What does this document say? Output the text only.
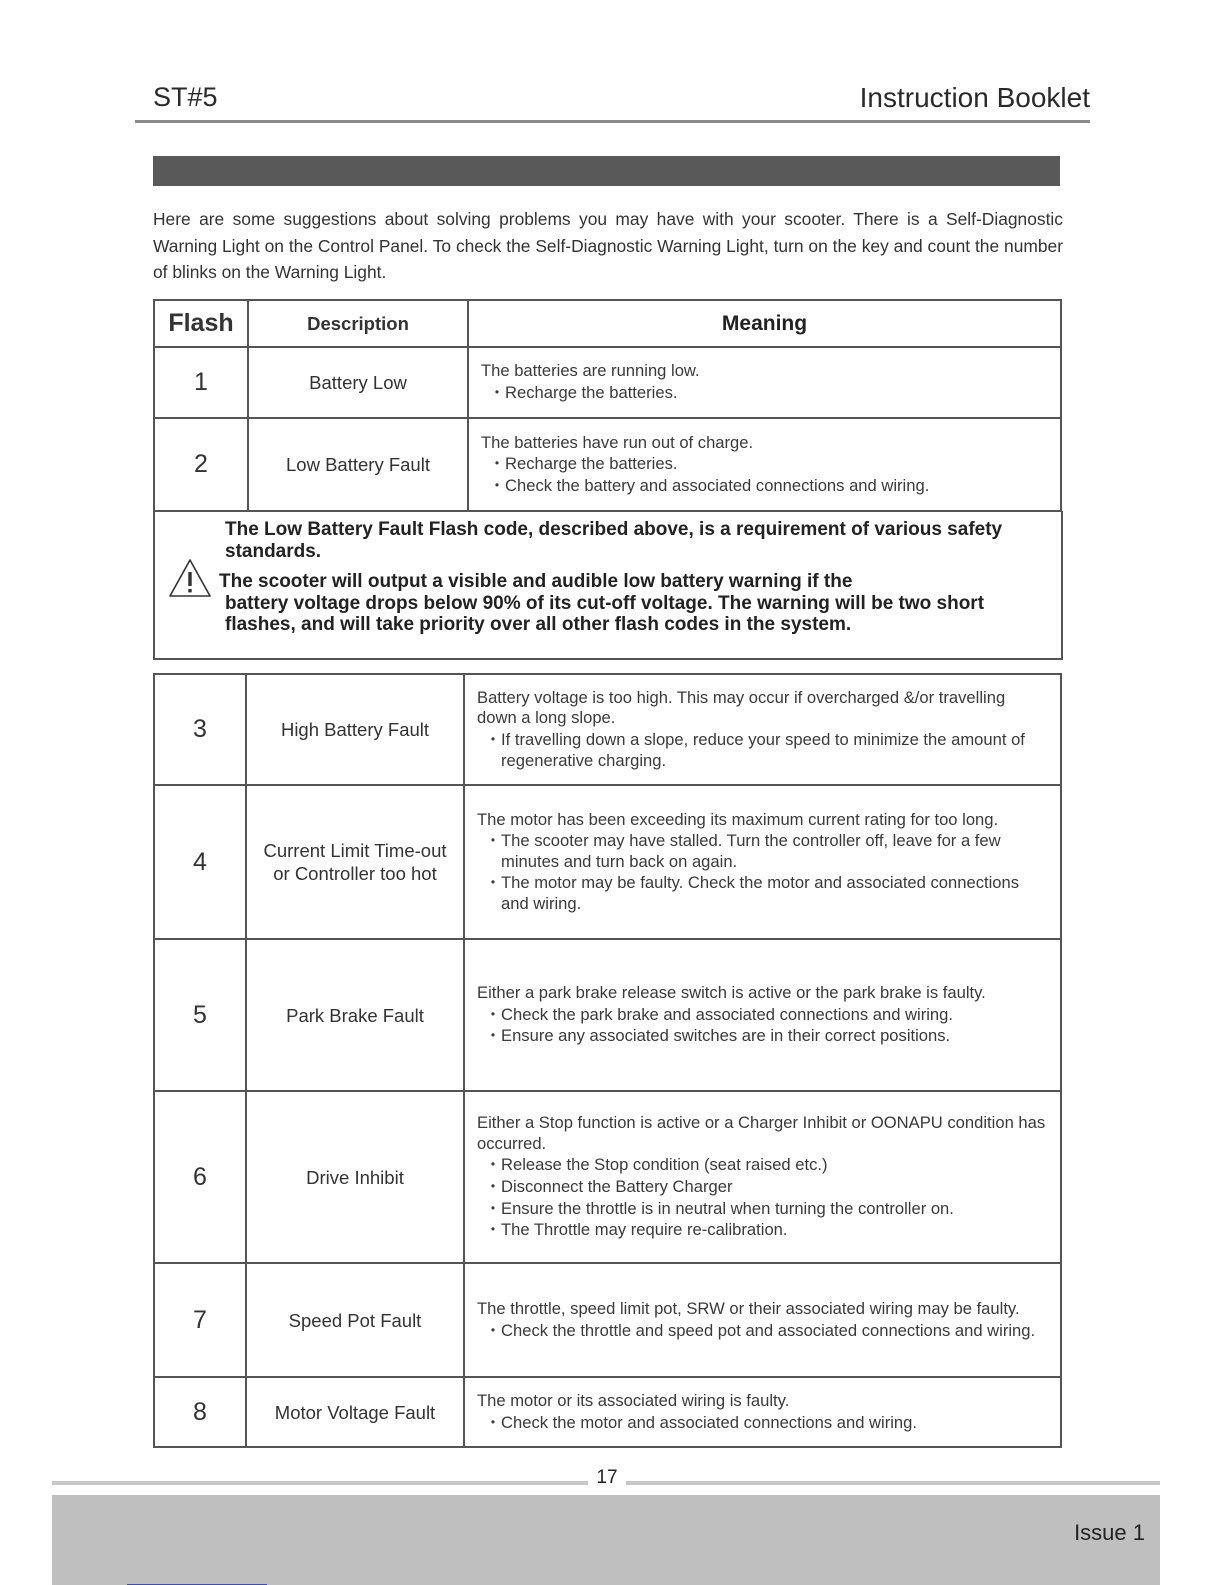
ST#5	Instruction Booklet
Here are some suggestions about solving problems you may have with your scooter. There is a Self-Diagnostic Warning Light on the Control Panel. To check the Self-Diagnostic Warning Light, turn on the key and count the number of blinks on the Warning Light.
Flash	Description	Meaning
1	Battery Low	The batteries are running low.
• Recharge the batteries.

2	Low Battery Fault	The batteries have run out of charge.
• Recharge the batteries.
• Check the battery and associated connections and wiring.

The Low Battery Fault Flash code, described above, is a requirement of various safety standards.

The scooter will output a visible and audible low battery warning if the
battery voltage drops below 90% of its cut-off voltage. The warning will be two short flashes, and will take priority over all other flash codes in the system.

3	High Battery Fault	Battery voltage is too high. This may occur if overcharged &/or travelling down a long slope.
• If travelling down a slope, reduce your speed to minimize the amount of regenerative charging.

4	Current Limit Time-out or Controller too hot	The motor has been exceeding its maximum current rating for too long.
• The scooter may have stalled. Turn the controller off, leave for a few minutes and turn back on again.
• The motor may be faulty. Check the motor and associated connections and wiring.

5	Park Brake Fault	Either a park brake release switch is active or the park brake is faulty.
• Check the park brake and associated connections and wiring.
• Ensure any associated switches are in their correct positions.

6	Drive Inhibit	Either a Stop function is active or a Charger Inhibit or OONAPU condition has occurred.
• Release the Stop condition (seat raised etc.)
• Disconnect the Battery Charger
• Ensure the throttle is in neutral when turning the controller on.
• The Throttle may require re-calibration.

7	Speed Pot Fault	The throttle, speed limit pot, SRW or their associated wiring may be faulty.
• Check the throttle and speed pot and associated connections and wiring.

8	Motor Voltage Fault	The motor or its associated wiring is faulty.
• Check the motor and associated connections and wiring.
17
Issue 1
